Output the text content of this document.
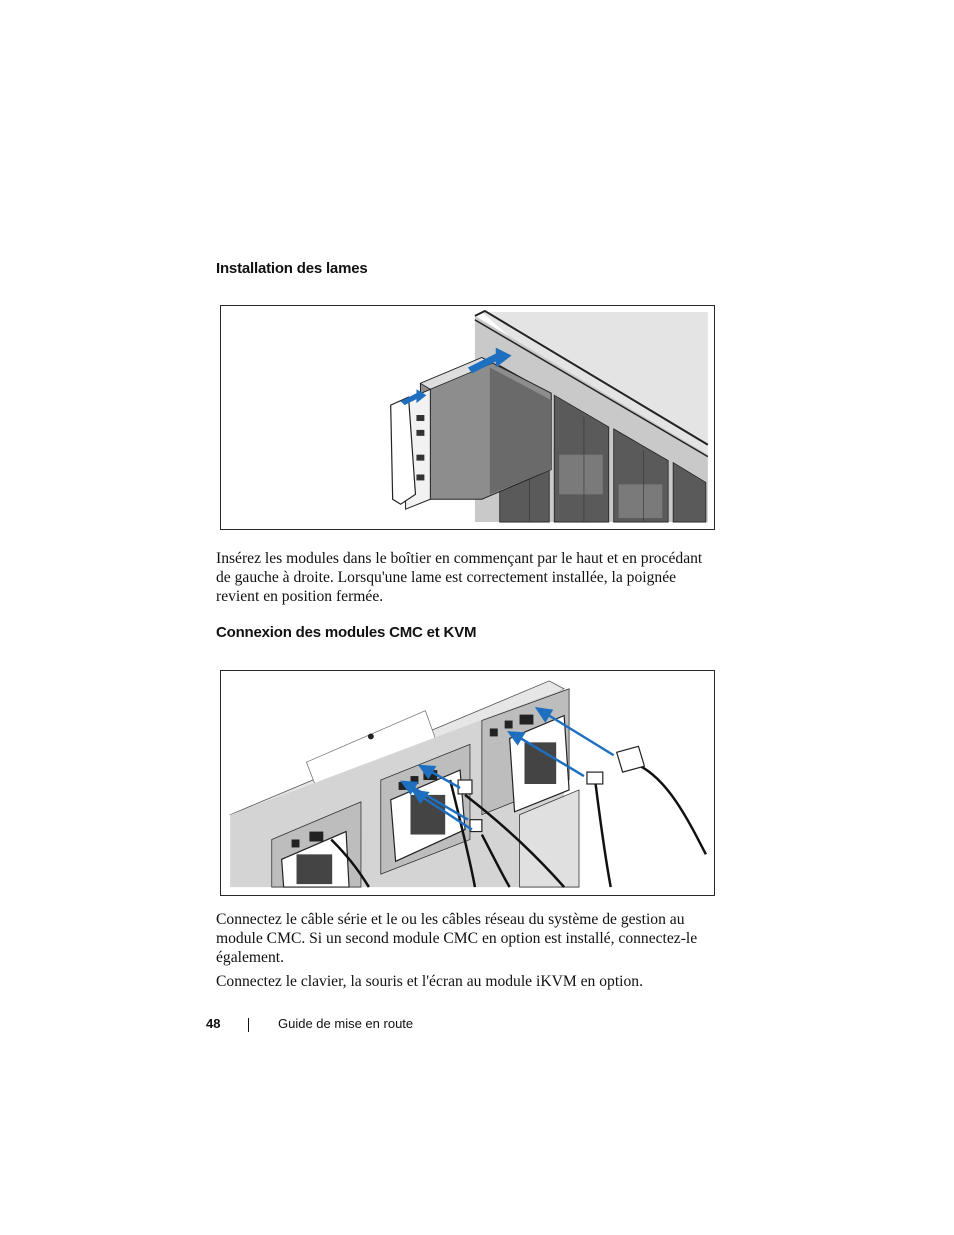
Installation des lames

Insérez les modules dans le boîtier en commençant par le haut et en procédant de gauche à droite. Lorsqu'une lame est correctement installée, la poignée revient en position fermée.

Connexion des modules CMC et KVM

Connectez le câble série et le ou les câbles réseau du système de gestion au module CMC. Si un second module CMC en option est installé, connectez-le également.

Connectez le clavier, la souris et l'écran au module iKVM en option.

48	Guide de mise en route
